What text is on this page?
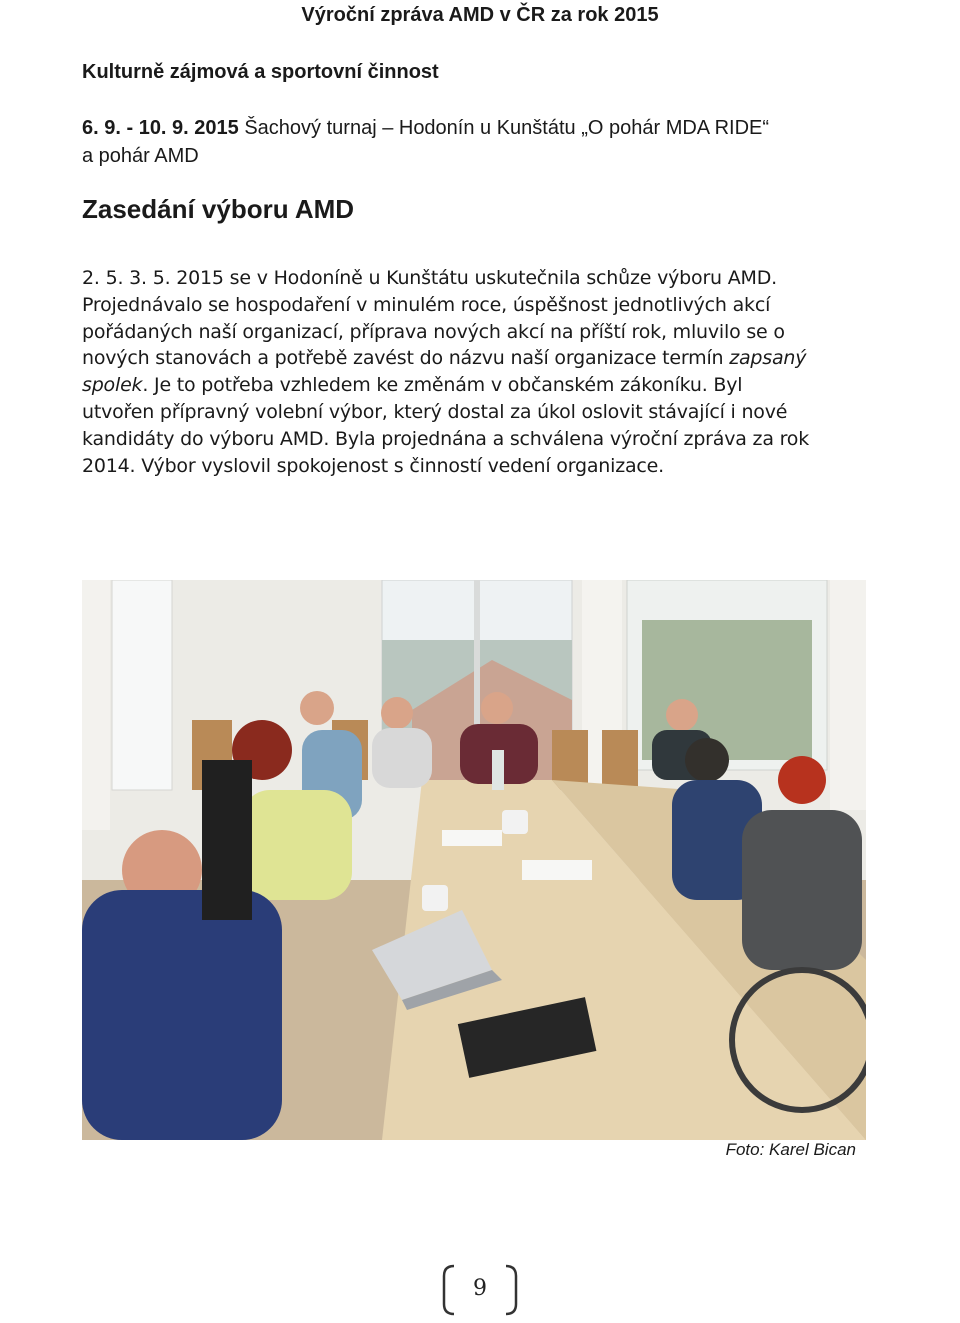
Výroční zpráva AMD v ČR za rok 2015
Kulturně zájmová a sportovní činnost
6. 9. - 10. 9. 2015 Šachový turnaj – Hodonín u Kunštátu „O pohár MDA RIDE“
a pohár AMD
Zasedání výboru AMD
2. 5. 3. 5. 2015 se v Hodoníně u Kunštátu uskutečnila schůze výboru AMD.
Projednávalo se hospodaření v minulém roce, úspěšnost jednotlivých akcí
pořádaných naší organizací, příprava nových akcí na příští rok, mluvilo se o
nových stanovách a potřebě zavést do názvu naší organizace termín zapsaný
spolek. Je to potřeba vzhledem ke změnám v občanském zákoníku. Byl
utvořen přípravný volební výbor, který dostal za úkol oslovit stávající i nové
kandidáty do výboru AMD. Byla projednána a schválena výroční zpráva za rok
2014. Výbor vyslovil spokojenost s činností vedení organizace.
Foto: Karel Bican
9
